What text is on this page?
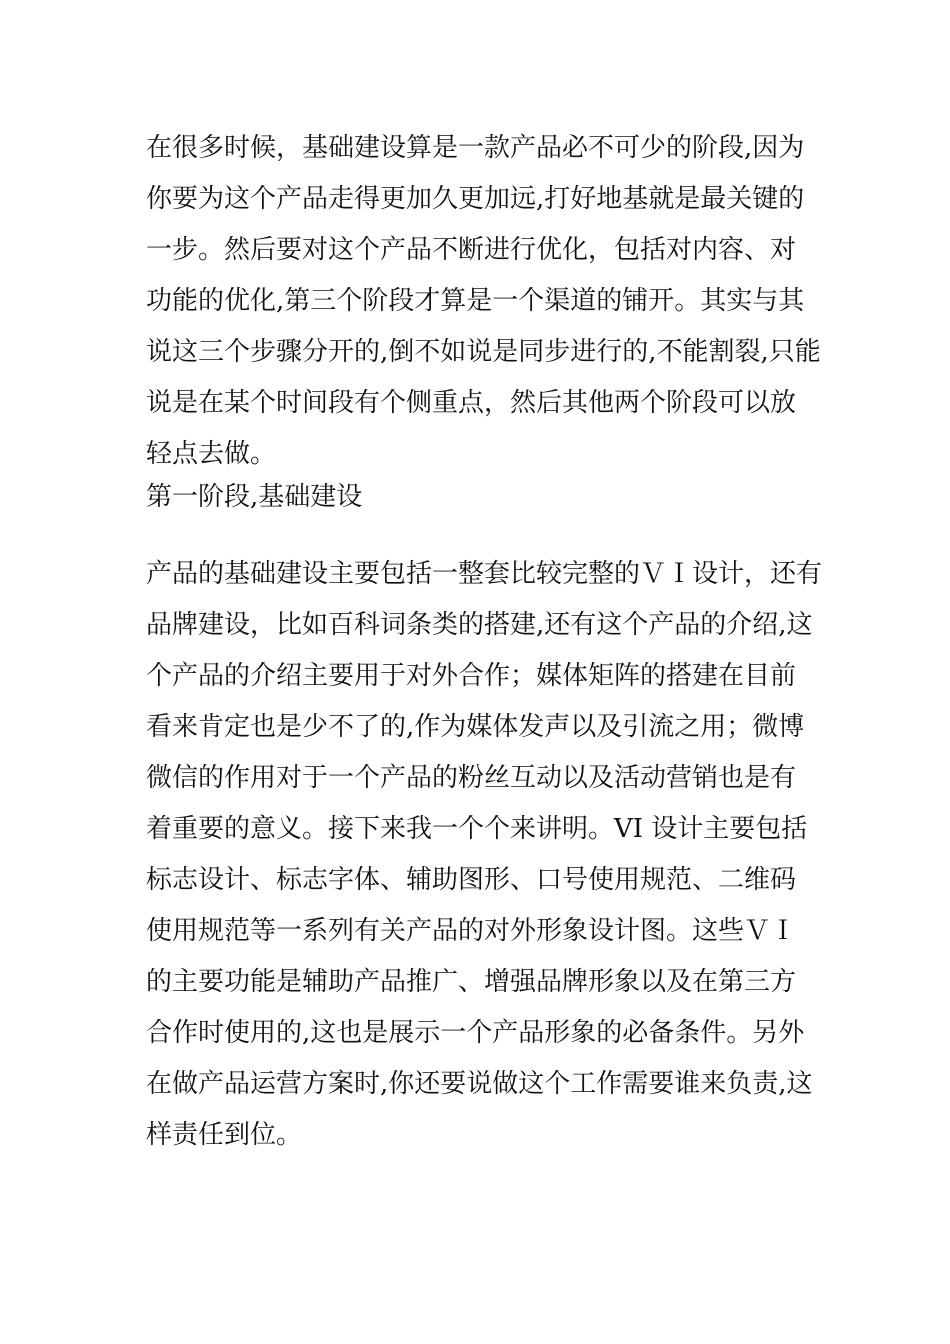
在很多时候，基础建设算是一款产品必不可少的阶段,因为
你要为这个产品走得更加久更加远,打好地基就是最关键的
一步。然后要对这个产品不断进行优化，包括对内容、对
功能的优化,第三个阶段才算是一个渠道的铺开。其实与其
说这三个步骤分开的,倒不如说是同步进行的,不能割裂,只能
说是在某个时间段有个侧重点，然后其他两个阶段可以放
轻点去做。
第一阶段,基础建设
产品的基础建设主要包括一整套比较完整的ＶＩ设计，还有
品牌建设，比如百科词条类的搭建,还有这个产品的介绍,这
个产品的介绍主要用于对外合作；媒体矩阵的搭建在目前
看来肯定也是少不了的,作为媒体发声以及引流之用；微博
微信的作用对于一个产品的粉丝互动以及活动营销也是有
着重要的意义。接下来我一个个来讲明。VI 设计主要包括
标志设计、标志字体、辅助图形、口号使用规范、二维码
使用规范等一系列有关产品的对外形象设计图。这些ＶＩ
的主要功能是辅助产品推广、增强品牌形象以及在第三方
合作时使用的,这也是展示一个产品形象的必备条件。另外
在做产品运营方案时,你还要说做这个工作需要谁来负责,这
样责任到位。
